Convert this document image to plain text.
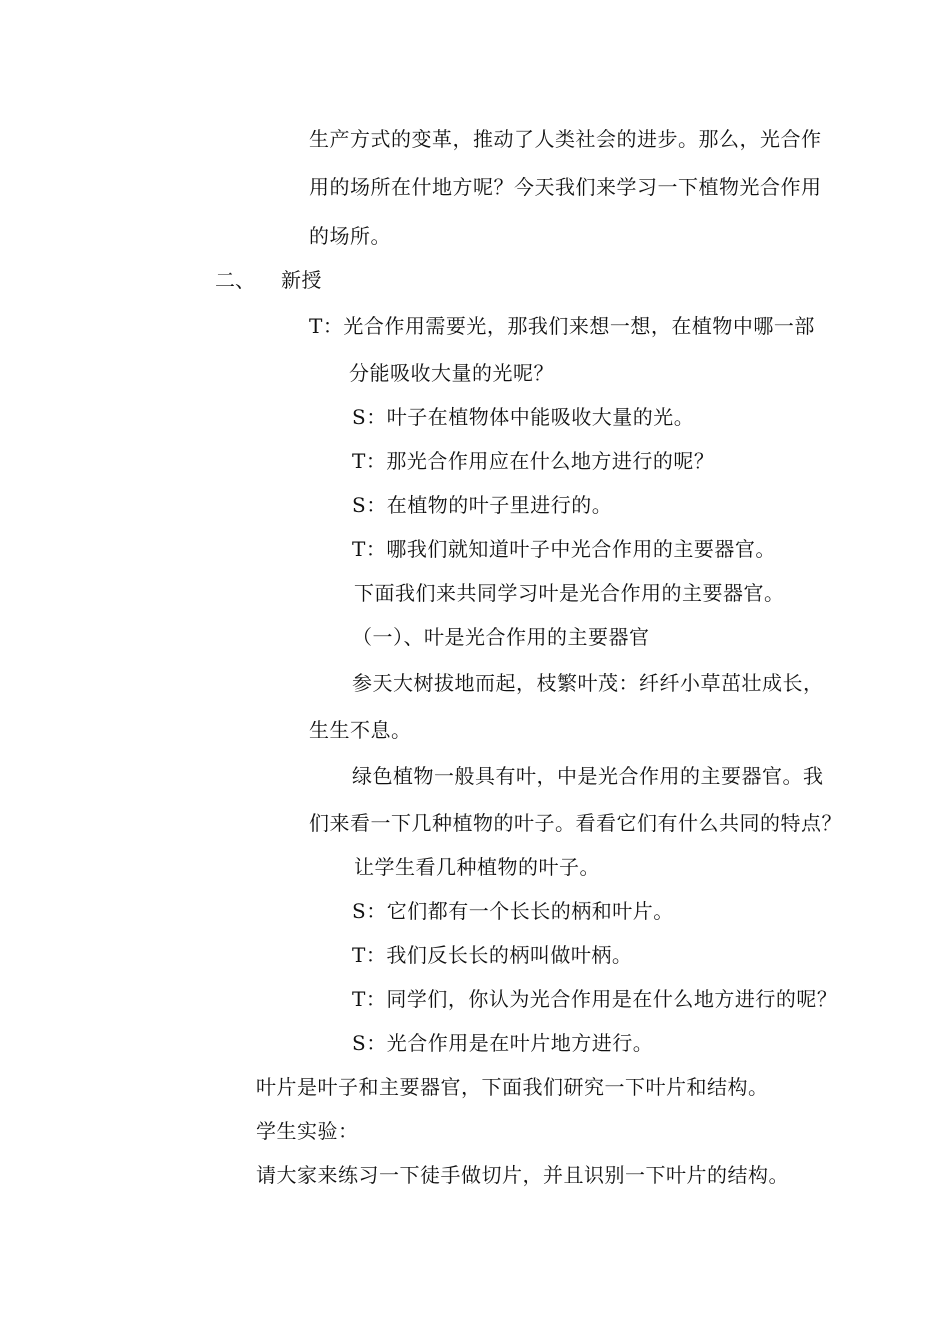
生产方式的变革，推动了人类社会的进步。那么，光合作
用的场所在什地方呢？今天我们来学习一下植物光合作用
的场所。
二、 新授
T：光合作用需要光，那我们来想一想，在植物中哪一部
分能吸收大量的光呢？
S：叶子在植物体中能吸收大量的光。
T：那光合作用应在什么地方进行的呢？
S：在植物的叶子里进行的。
T：哪我们就知道叶子中光合作用的主要器官。
下面我们来共同学习叶是光合作用的主要器官。
（一）、叶是光合作用的主要器官
参天大树拔地而起，枝繁叶茂：纤纤小草茁壮成长，
生生不息。
绿色植物一般具有叶，中是光合作用的主要器官。我
们来看一下几种植物的叶子。看看它们有什么共同的特点？
让学生看几种植物的叶子。
S：它们都有一个长长的柄和叶片。
T：我们反长长的柄叫做叶柄。
T：同学们，你认为光合作用是在什么地方进行的呢？
S：光合作用是在叶片地方进行。
叶片是叶子和主要器官，下面我们研究一下叶片和结构。
学生实验：
请大家来练习一下徒手做切片，并且识别一下叶片的结构。
